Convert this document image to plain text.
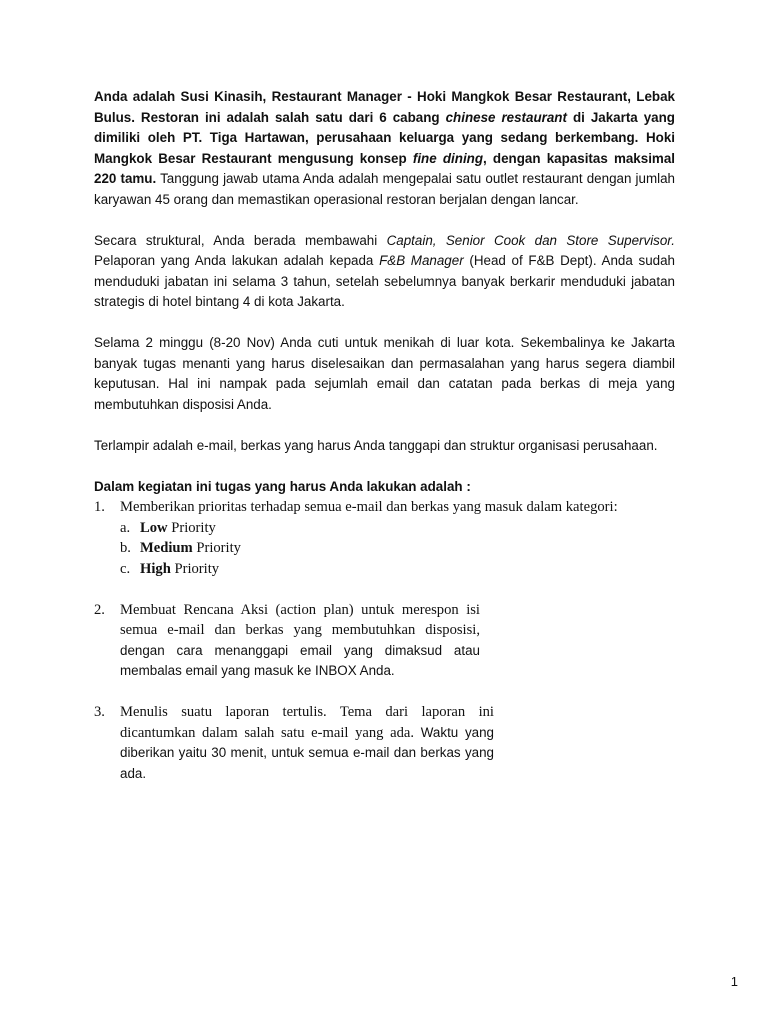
Anda adalah Susi Kinasih, Restaurant Manager - Hoki Mangkok Besar Restaurant, Lebak Bulus. Restoran ini adalah salah satu dari 6 cabang chinese restaurant di Jakarta yang dimiliki oleh PT. Tiga Hartawan, perusahaan keluarga yang sedang berkembang. Hoki Mangkok Besar Restaurant mengusung konsep fine dining, dengan kapasitas maksimal 220 tamu. Tanggung jawab utama Anda adalah mengepalai satu outlet restaurant dengan jumlah karyawan 45 orang dan memastikan operasional restoran berjalan dengan lancar.

Secara struktural, Anda berada membawahi Captain, Senior Cook dan Store Supervisor. Pelaporan yang Anda lakukan adalah kepada F&B Manager (Head of F&B Dept). Anda sudah menduduki jabatan ini selama 3 tahun, setelah sebelumnya banyak berkarir menduduki jabatan strategis di hotel bintang 4 di kota Jakarta.

Selama 2 minggu (8-20 Nov) Anda cuti untuk menikah di luar kota. Sekembalinya ke Jakarta banyak tugas menanti yang harus diselesaikan dan permasalahan yang harus segera diambil keputusan. Hal ini nampak pada sejumlah email dan catatan pada berkas di meja yang membutuhkan disposisi Anda.

Terlampir adalah e-mail, berkas yang harus Anda tanggapi dan struktur organisasi perusahaan.

Dalam kegiatan ini tugas yang harus Anda lakukan adalah :

1. Memberikan prioritas terhadap semua e-mail dan berkas yang masuk dalam kategori:
a. Low Priority
b. Medium Priority
c. High Priority
2. Membuat Rencana Aksi (action plan) untuk merespon isi semua e-mail dan berkas yang membutuhkan disposisi, dengan cara menanggapi email yang dimaksud atau membalas email yang masuk ke INBOX Anda.

3. Menulis suatu laporan tertulis. Tema dari laporan ini dicantumkan dalam salah satu e-mail yang ada. Waktu yang diberikan yaitu 30 menit, untuk semua e-mail dan berkas yang ada.

1
